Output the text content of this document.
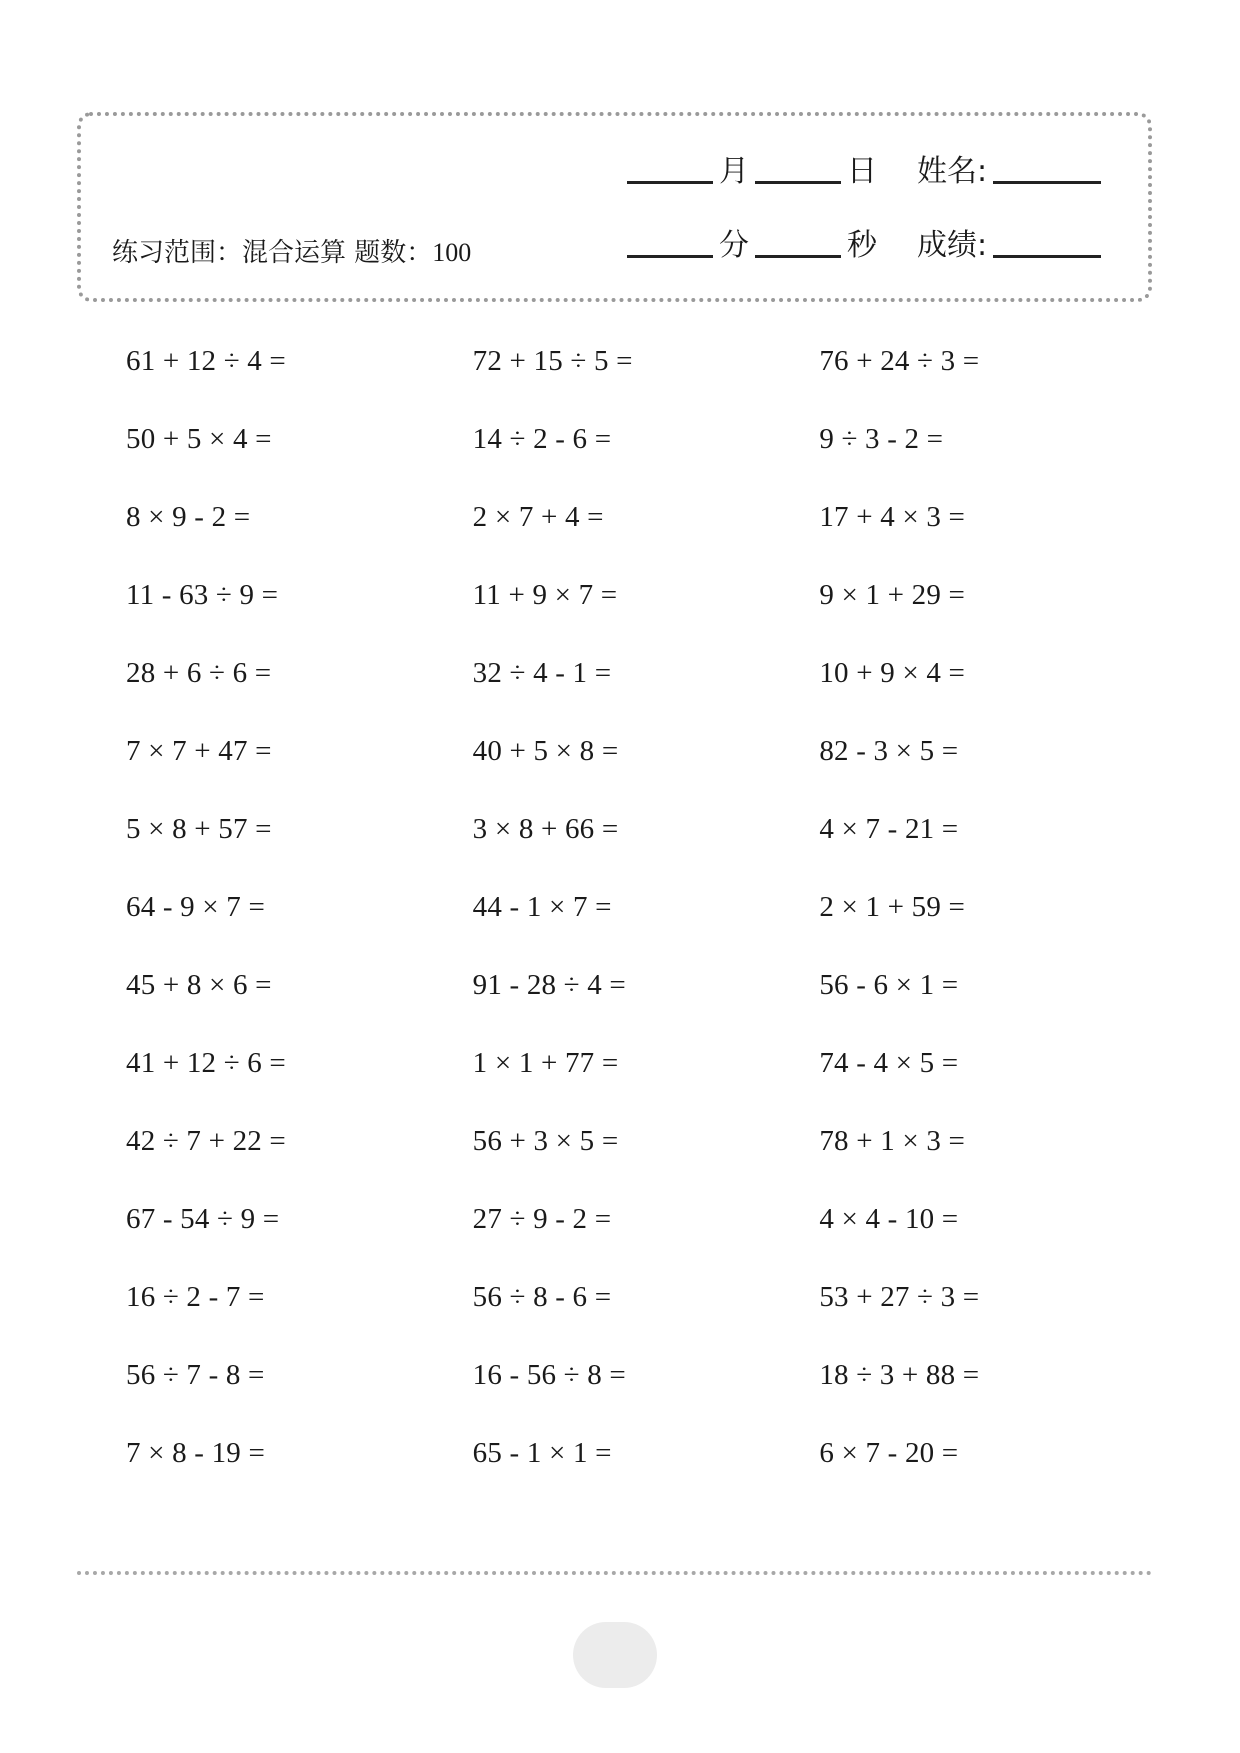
练习范围：混合运算 题数：100
月	日 姓名:
分	秒 成绩:
61 + 12 ÷ 4 =	72 + 15 ÷ 5 =	76 + 24 ÷ 3 =
50 + 5 × 4 =	14 ÷ 2 - 6 =	9 ÷ 3 - 2 =
8 × 9 - 2 =	2 × 7 + 4 =	17 + 4 × 3 =
11 - 63 ÷ 9 =	11 + 9 × 7 =	9 × 1 + 29 =
28 + 6 ÷ 6 =	32 ÷ 4 - 1 =	10 + 9 × 4 =
7 × 7 + 47 =	40 + 5 × 8 =	82 - 3 × 5 =
5 × 8 + 57 =	3 × 8 + 66 =	4 × 7 - 21 =
64 - 9 × 7 =	44 - 1 × 7 =	2 × 1 + 59 =
45 + 8 × 6 =	91 - 28 ÷ 4 =	56 - 6 × 1 =
41 + 12 ÷ 6 =	1 × 1 + 77 =	74 - 4 × 5 =
42 ÷ 7 + 22 =	56 + 3 × 5 =	78 + 1 × 3 =
67 - 54 ÷ 9 =	27 ÷ 9 - 2 =	4 × 4 - 10 =
16 ÷ 2 - 7 =	56 ÷ 8 - 6 =	53 + 27 ÷ 3 =
56 ÷ 7 - 8 =	16 - 56 ÷ 8 =	18 ÷ 3 + 88 =
7 × 8 - 19 =	65 - 1 × 1 =	6 × 7 - 20 =
